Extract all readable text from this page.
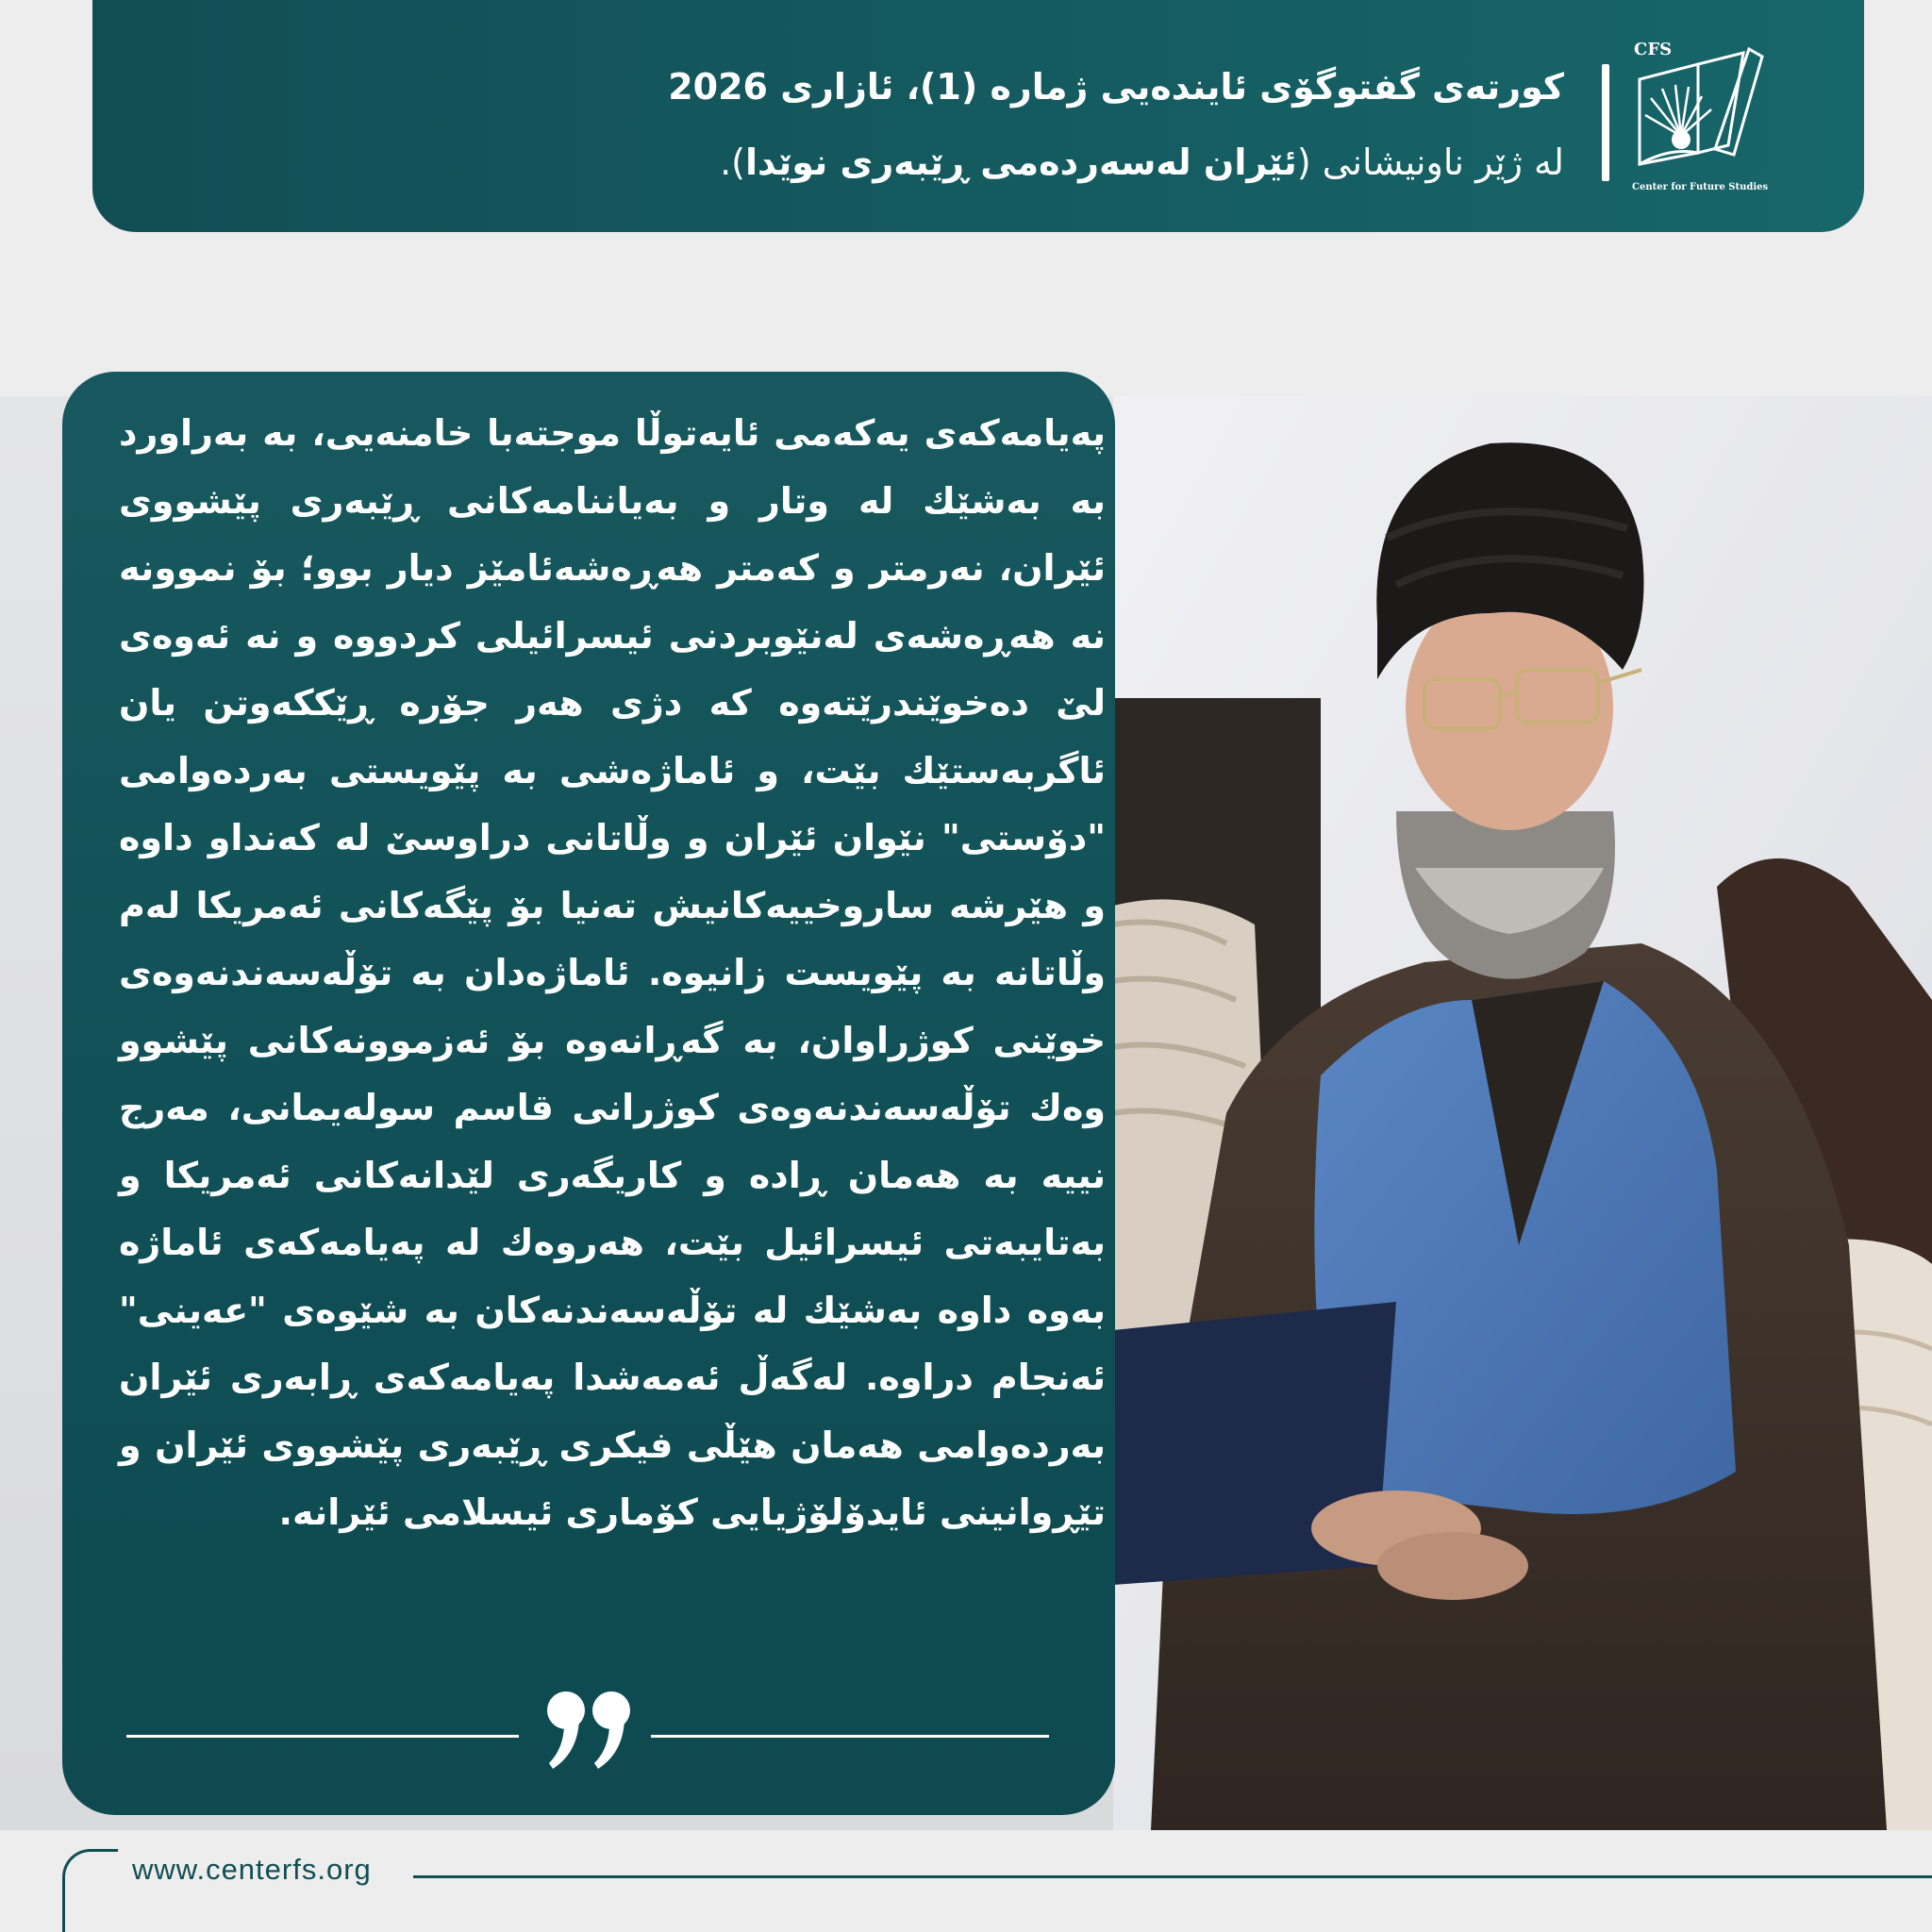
کورتەی گفتوگۆی ئایندەیی ژمارە (1)، ئازاری 2026

لە ژێر ناونیشانی (ئێران لەسەردەمی ڕێبەری نوێدا).

CFS
Center for Future Studies
پەیامەکەی یەکەمی ئایەتوڵا موجتەبا خامنەیی، بە بەراورد بە بەشێك لە وتار و بەیاننامەکانی ڕێبەری پێشووی ئێران، نەرمتر و کەمتر هەڕەشەئامێز دیار بوو؛ بۆ نموونە نە هەڕەشەی لەنێوبردنی ئیسرائیلی کردووە و نە ئەوەی لێ دەخوێندرێتەوە کە دژی هەر جۆرە ڕێککەوتن یان ئاگربەستێك بێت، و ئاماژەشی بە پێویستی بەردەوامی "دۆستی" نێوان ئێران و وڵاتانی دراوسێ لە کەنداو داوە و هێرشە ساروخییەکانیش تەنیا بۆ پێگەکانی ئەمریکا لەم وڵاتانە بە پێویست زانیوە. ئاماژەدان بە تۆڵەسەندنەوەی خوێنی کوژراوان، بە گەڕانەوە بۆ ئەزموونەکانی پێشوو وەك تۆڵەسەندنەوەی کوژرانی قاسم سولەیمانی، مەرج نییە بە هەمان ڕادە و کاریگەری لێدانەکانی ئەمریکا و بەتایبەتی ئیسرائیل بێت، هەروەك لە پەیامەکەی ئاماژە بەوە داوە بەشێك لە تۆڵەسەندنەکان بە شێوەی "عەینی" ئەنجام دراوە. لەگەڵ ئەمەشدا پەیامەکەی ڕابەری ئێران بەردەوامی هەمان هێڵی فیکری ڕێبەری پێشووی ئێران و تێڕوانینی ئایدۆلۆژیایی کۆماری ئیسلامی ئێرانە.
www.centerfs.org
